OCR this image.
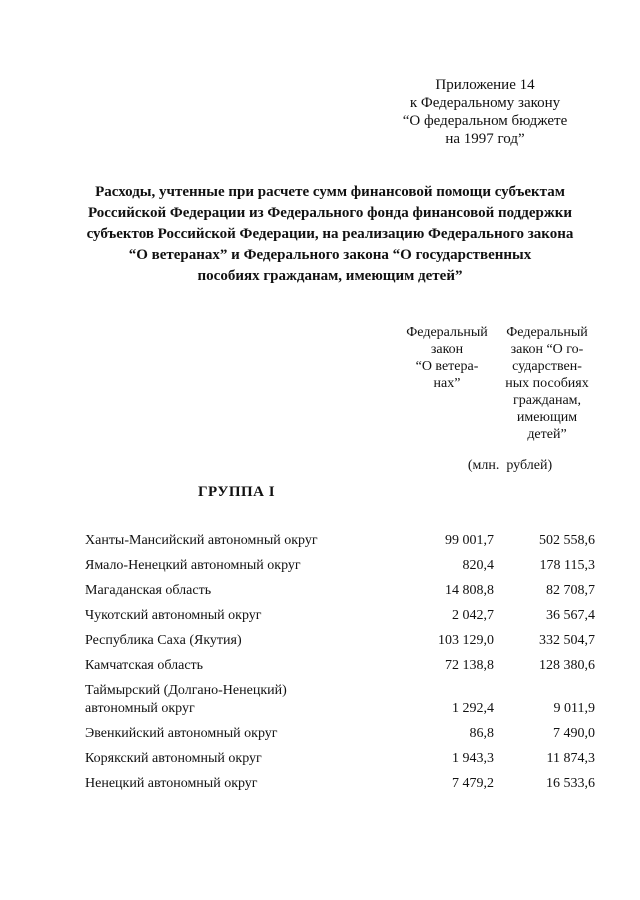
Приложение 14
к Федеральному закону
“О федеральном бюджете
на 1997 год”
Расходы, учтенные при расчете сумм финансовой помощи субъектам
Российской Федерации из Федерального фонда финансовой поддержки
субъектов Российской Федерации, на реализацию Федерального закона
“О ветеранах” и Федерального закона “О государственных
пособиях гражданам, имеющим детей”
Федеральный
закон
“О ветера-
нах”
Федеральный
закон “О го-
сударствен-
ных пособиях
гражданам,
имеющим
детей”
(млн.  рублей)
ГРУППА I
Ханты-Мансийский автономный округ	99 001,7	502 558,6
Ямало-Ненецкий автономный округ	820,4	178 115,3
Магаданская область	14 808,8	82 708,7
Чукотский автономный округ	2 042,7	36 567,4
Республика Саха (Якутия)	103 129,0	332 504,7
Камчатская область	72 138,8	128 380,6
Таймырский (Долгано-Ненецкий)
автономный округ	1 292,4	9 011,9
Эвенкийский автономный округ	86,8	7 490,0
Корякский автономный округ	1 943,3	11 874,3
Ненецкий автономный округ	7 479,2	16 533,6
